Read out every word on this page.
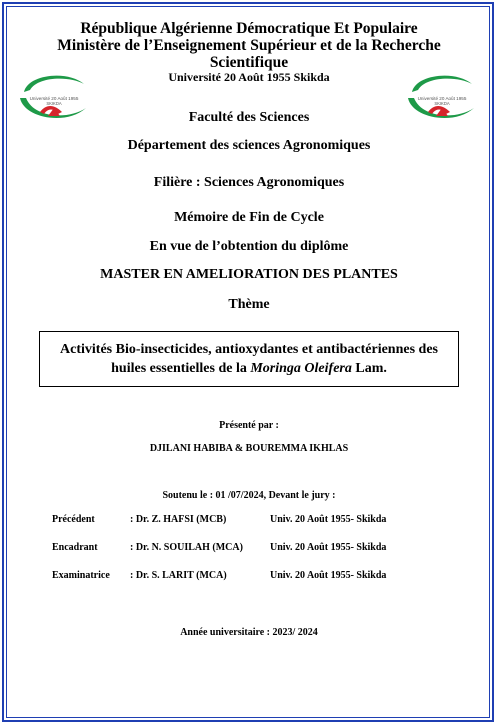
Université 20 Août 1955
SKIKDA
Université 20 Août 1955
SKIKDA
République Algérienne Démocratique Et Populaire
Ministère de l’Enseignement Supérieur et de la Recherche
Scientifique
Université 20 Août 1955 Skikda
Faculté des Sciences
Département des sciences Agronomiques
Filière : Sciences Agronomiques
Mémoire de Fin de Cycle
En vue de l’obtention du diplôme
MASTER EN AMELIORATION DES PLANTES
Thème
Activités Bio-insecticides, antioxydantes et antibactériennes des
huiles essentielles de la Moringa Oleifera Lam.
Présenté par :
DJILANI HABIBA & BOUREMMA IKHLAS
Soutenu le : 01 /07/2024, Devant le jury :
Précédent	: Dr. Z. HAFSI (MCB)	Univ. 20 Août 1955- Skikda
Encadrant	: Dr. N. SOUILAH (MCA)	Univ. 20 Août 1955- Skikda
Examinatrice : Dr. S. LARIT (MCA)	Univ. 20 Août 1955- Skikda
Année universitaire : 2023/ 2024
